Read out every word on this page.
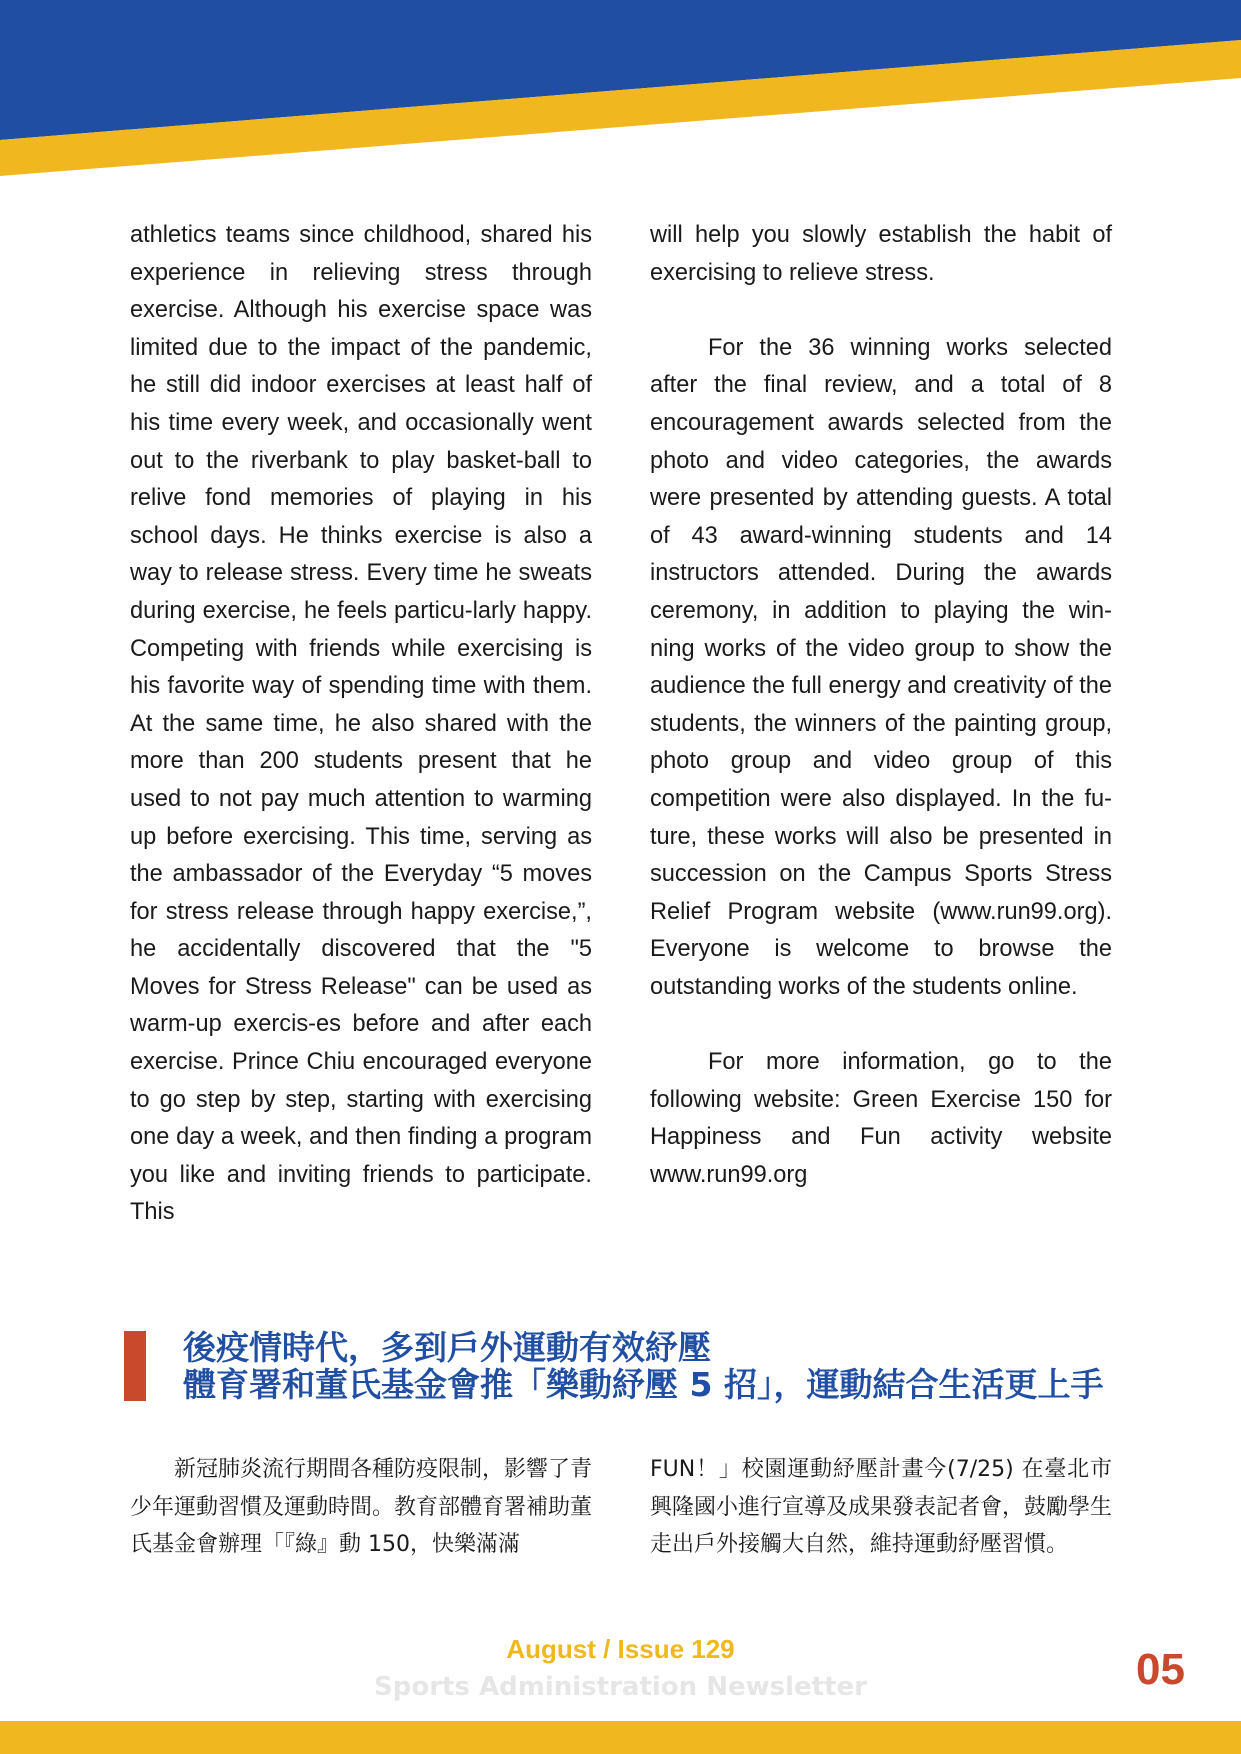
athletics teams since childhood, shared his experience in relieving stress through exercise. Although his exercise space was limited due to the impact of the pandemic, he still did indoor exercises at least half of his time every week, and occasionally went out to the riverbank to play basket-ball to relive fond memories of playing in his school days. He thinks exercise is also a way to release stress. Every time he sweats during exercise, he feels particu-larly happy. Competing with friends while exercising is his favorite way of spending time with them. At the same time, he also shared with the more than 200 students present that he used to not pay much attention to warming up before exercising. This time, serving as the ambassador of the Everyday “5 moves for stress release through happy exercise,”, he accidentally discovered that the "5 Moves for Stress Release" can be used as warm-up exercis-es before and after each exercise. Prince Chiu encouraged everyone to go step by step, starting with exercising one day a week, and then finding a program you like and inviting friends to participate. This

will help you slowly establish the habit of exercising to relieve stress.

For the 36 winning works selected after the final review, and a total of 8 encouragement awards selected from the photo and video categories, the awards were presented by attending guests. A total of 43 award-winning students and 14 instructors attended. During the awards ceremony, in addition to playing the win-ning works of the video group to show the audience the full energy and creativity of the students, the winners of the painting group, photo group and video group of this competition were also displayed. In the fu-ture, these works will also be presented in succession on the Campus Sports Stress Relief Program website (www.run99.org). Everyone is welcome to browse the outstanding works of the students online.

For more information, go to the following website: Green Exercise 150 for Happiness and Fun activity website www.run99.org

後疫情時代，多到戶外運動有效紓壓
體育署和董氏基金會推「樂動紓壓 5 招」，運動結合生活更上手

新冠肺炎流行期間各種防疫限制，影響了青少年運動習慣及運動時間。教育部體育署補助董氏基金會辦理「『綠』動 150，快樂滿滿

FUN！」校園運動紓壓計畫今(7/25) 在臺北市興隆國小進行宣導及成果發表記者會，鼓勵學生走出戶外接觸大自然，維持運動紓壓習慣。

August / Issue 129
Sports Administration Newsletter	05
